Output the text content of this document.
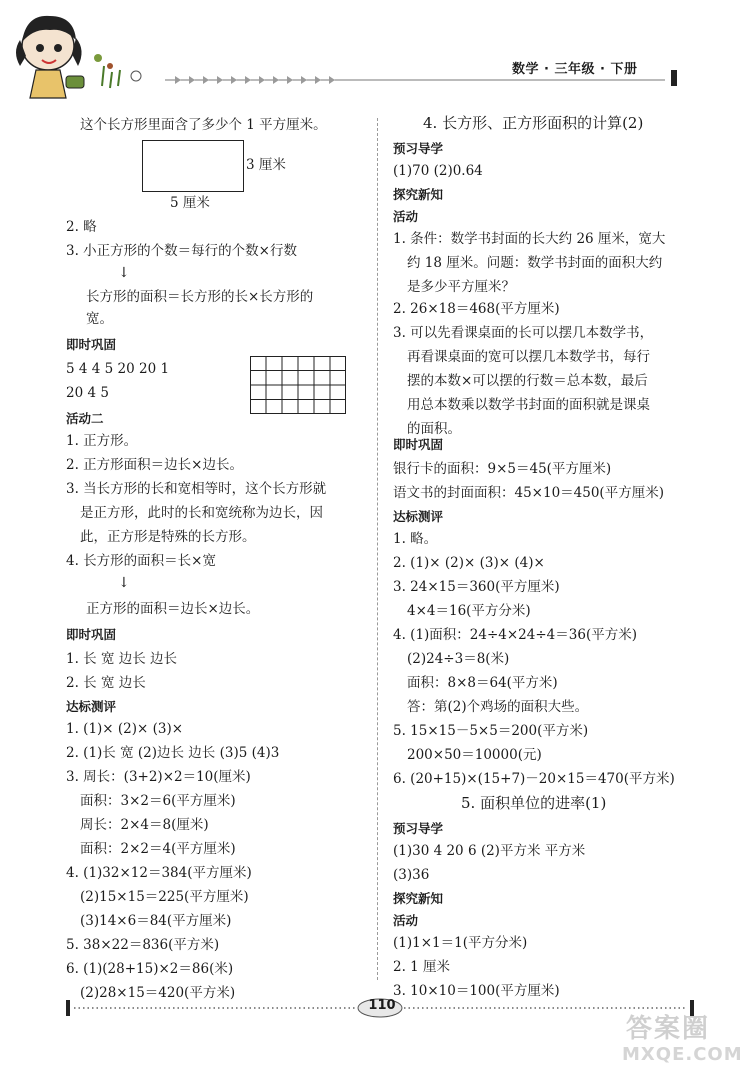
数学 · 三年级 · 下册
这个长方形里面含了多少个 1 平方厘米。
3 厘米
5 厘米
2. 略
3. 小正方形的个数＝每行的个数×行数
↓
长方形的面积＝长方形的长×长方形的
宽。
即时巩固
5 4 4 5 20 20 1
20 4 5
活动二
1. 正方形。
2. 正方形面积＝边长×边长。
3. 当长方形的长和宽相等时，这个长方形就
是正方形，此时的长和宽统称为边长，因
此，正方形是特殊的长方形。
4. 长方形的面积＝长×宽
↓
正方形的面积＝边长×边长。
即时巩固
1. 长 宽 边长 边长
2. 长 宽 边长
达标测评
1. (1)× (2)× (3)×
2. (1)长 宽 (2)边长 边长 (3)5 (4)3
3. 周长：(3+2)×2＝10(厘米)
面积：3×2＝6(平方厘米)
周长：2×4＝8(厘米)
面积：2×2＝4(平方厘米)
4. (1)32×12＝384(平方厘米)
(2)15×15＝225(平方厘米)
(3)14×6＝84(平方厘米)
5. 38×22＝836(平方米)
6. (1)(28+15)×2＝86(米)
(2)28×15＝420(平方米)
4. 长方形、正方形面积的计算(2)
预习导学
(1)70 (2)0.64
探究新知
活动
1. 条件：数学书封面的长大约 26 厘米，宽大
约 18 厘米。问题：数学书封面的面积大约
是多少平方厘米？
2. 26×18＝468(平方厘米)
3. 可以先看课桌面的长可以摆几本数学书，
再看课桌面的宽可以摆几本数学书，每行
摆的本数×可以摆的行数＝总本数，最后
用总本数乘以数学书封面的面积就是课桌
的面积。
即时巩固
银行卡的面积：9×5＝45(平方厘米)
语文书的封面面积：45×10＝450(平方厘米)
达标测评
1. 略。
2. (1)× (2)× (3)× (4)×
3. 24×15＝360(平方厘米)
4×4＝16(平方分米)
4. (1)面积：24÷4×24÷4＝36(平方米)
(2)24÷3＝8(米)
面积：8×8＝64(平方米)
答：第(2)个鸡场的面积大些。
5. 15×15－5×5＝200(平方米)
200×50＝10000(元)
6. (20+15)×(15+7)－20×15＝470(平方米)
5. 面积单位的进率(1)
预习导学
(1)30 4 20 6 (2)平方米 平方米
(3)36
探究新知
活动
(1)1×1＝1(平方分米)
2. 1 厘米
3. 10×10＝100(平方厘米)
110
答案圈
MXQE.COM
